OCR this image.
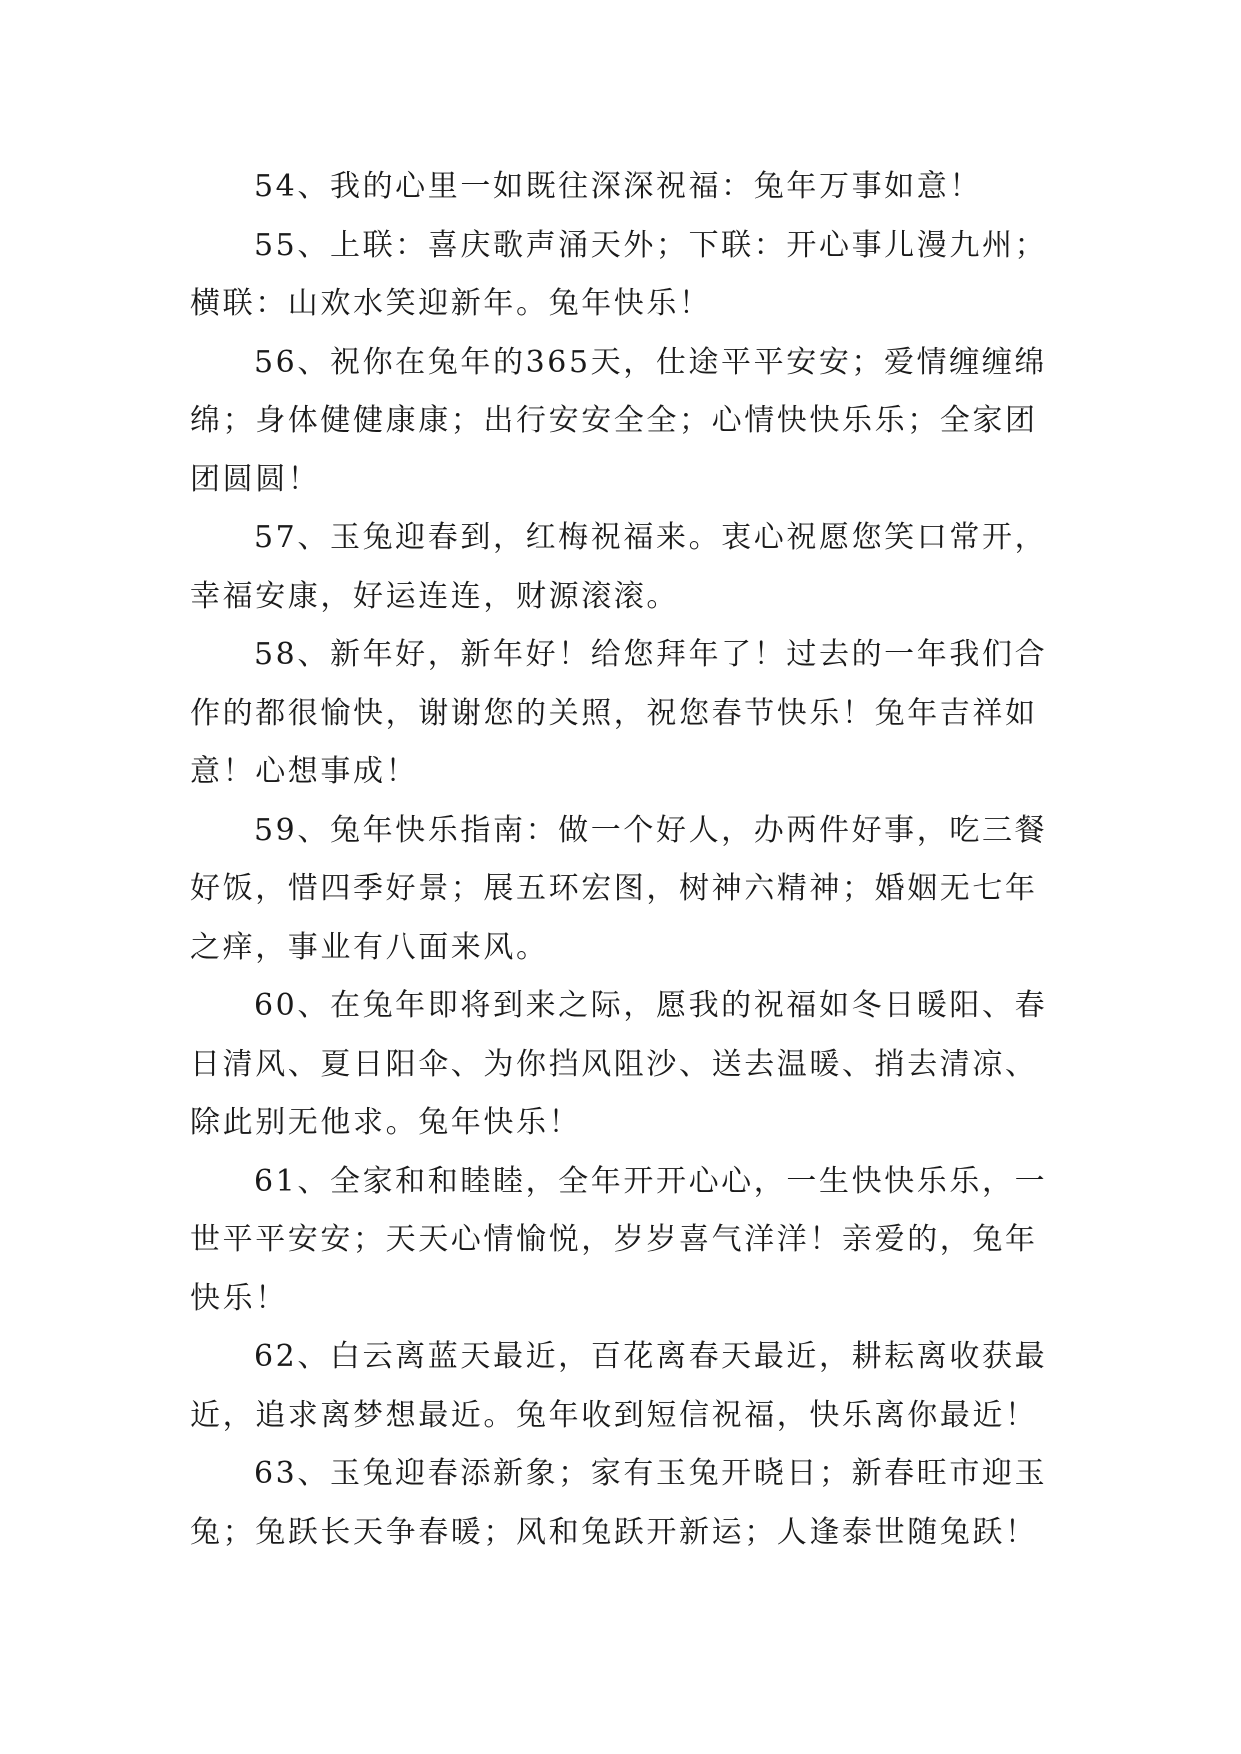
54、我的心里一如既往深深祝福：兔年万事如意！

55、上联：喜庆歌声涌天外；下联：开心事儿漫九州；横联：山欢水笑迎新年。兔年快乐！

56、祝你在兔年的365天，仕途平平安安；爱情缠缠绵绵；身体健健康康；出行安安全全；心情快快乐乐；全家团团圆圆！

57、玉兔迎春到，红梅祝福来。衷心祝愿您笑口常开，幸福安康，好运连连，财源滚滚。

58、新年好，新年好！给您拜年了！过去的一年我们合作的都很愉快，谢谢您的关照，祝您春节快乐！兔年吉祥如意！心想事成！

59、兔年快乐指南：做一个好人，办两件好事，吃三餐好饭，惜四季好景；展五环宏图，树神六精神；婚姻无七年之痒，事业有八面来风。

60、在兔年即将到来之际，愿我的祝福如冬日暖阳、春日清风、夏日阳伞、为你挡风阻沙、送去温暖、捎去清凉、除此别无他求。兔年快乐！

61、全家和和睦睦，全年开开心心，一生快快乐乐，一世平平安安；天天心情愉悦，岁岁喜气洋洋！亲爱的，兔年快乐！

62、白云离蓝天最近，百花离春天最近，耕耘离收获最近，追求离梦想最近。兔年收到短信祝福，快乐离你最近！

63、玉兔迎春添新象；家有玉兔开晓日；新春旺市迎玉兔；兔跃长天争春暖；风和兔跃开新运；人逢泰世随兔跃！
